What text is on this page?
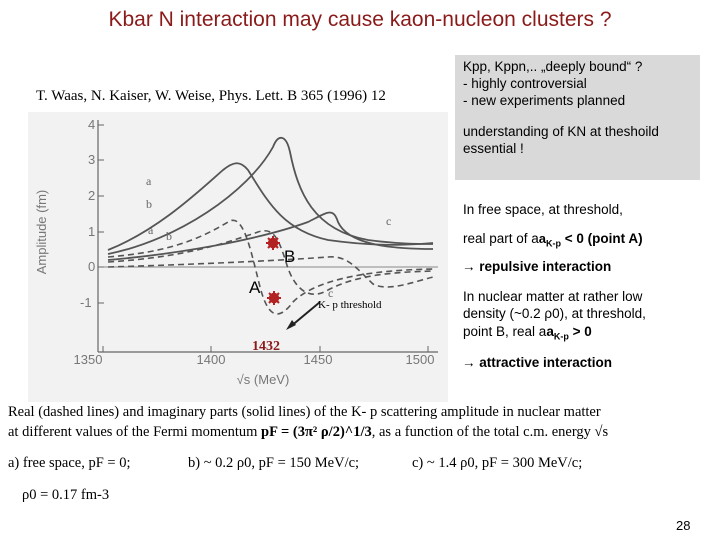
Kbar N interaction may cause kaon-nucleon clusters ?
T. Waas, N. Kaiser, W. Weise, Phys. Lett. B 365 (1996) 12
Kpp, Kppn,.. „deeply bound“ ?
- highly controversial
- new experiments planned
understanding of KN at theshoild
essential !
In free space, at threshold,
real part of $aa_{K-p} < 0$ (point A)
→ repulsive interaction
In nuclear matter at rather low
density (~0.2 ρ0), at threshold,
point B, real $aa_{K-p} > 0$
→ attractive interaction
4
3
2
1
0
-1
1350	1400	1450	1500
Amplitude (fm)
√s (MeV)
a
b
a b
c
c
B
A
K- p threshold
1432
Real (dashed lines) and imaginary parts (solid lines) of the K- p scattering amplitude in nuclear matter
at different values of the Fermi momentum pF = (3π² ρ/2)^1/3, as a function of the total c.m. energy √s
a) free space, pF = 0;	b) ~ 0.2 ρ0, pF = 150 MeV/c;	c) ~ 1.4 ρ0, pF = 300 MeV/c;
ρ0 = 0.17 fm-3
28
